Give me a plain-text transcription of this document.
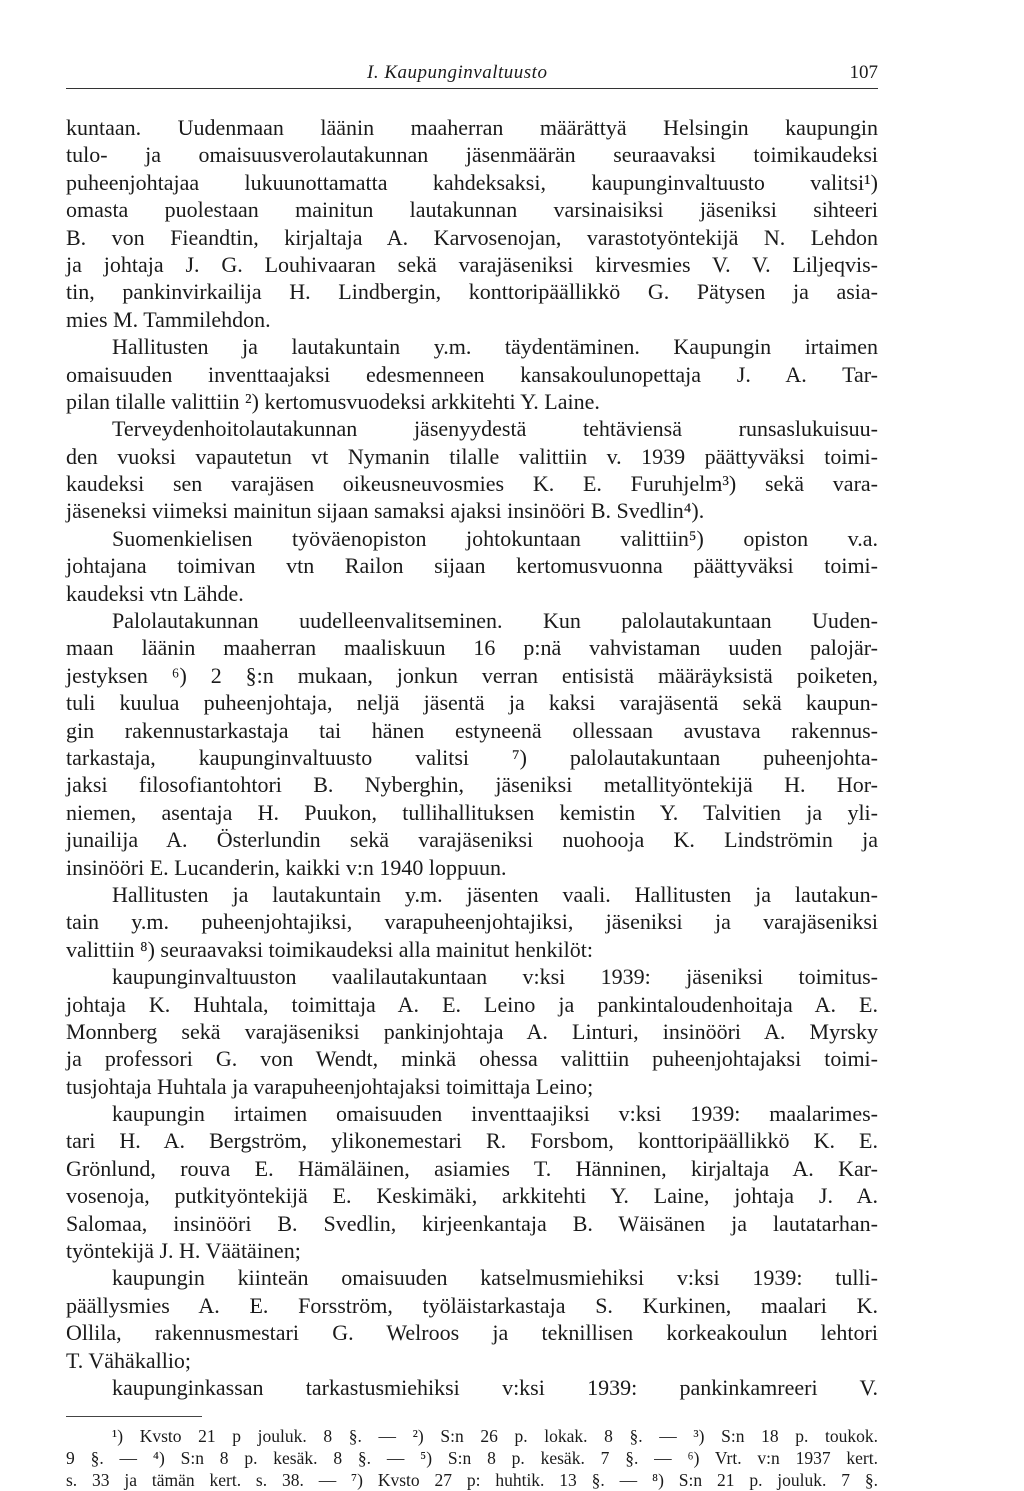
I. Kaupunginvaltuusto	107
kuntaan. Uudenmaan läänin maaherran määrättyä Helsingin kaupungin
tulo- ja omaisuusverolautakunnan jäsenmäärän seuraavaksi toimikaudeksi
puheenjohtajaa lukuunottamatta kahdeksaksi, kaupunginvaltuusto valitsi¹)
omasta puolestaan mainitun lautakunnan varsinaisiksi jäseniksi sihteeri
B. von Fieandtin, kirjaltaja A. Karvosenojan, varastotyöntekijä N. Lehdon
ja johtaja J. G. Louhivaaran sekä varajäseniksi kirvesmies V. V. Liljeqvis-
tin, pankinvirkailija H. Lindbergin, konttoripäällikkö G. Pätysen ja asia-
mies M. Tammilehdon.
Hallitusten ja lautakuntain y.m. täydentäminen. Kaupungin irtaimen
omaisuuden inventtaajaksi edesmenneen kansakoulunopettaja J. A. Tar-
pilan tilalle valittiin ²) kertomusvuodeksi arkkitehti Y. Laine.
Terveydenhoitolautakunnan jäsenyydestä tehtäviensä runsaslukuisuu-
den vuoksi vapautetun vt Nymanin tilalle valittiin v. 1939 päättyväksi toimi-
kaudeksi sen varajäsen oikeusneuvosmies K. E. Furuhjelm³) sekä vara-
jäseneksi viimeksi mainitun sijaan samaksi ajaksi insinööri B. Svedlin⁴).
Suomenkielisen työväenopiston johtokuntaan valittiin⁵) opiston v.a.
johtajana toimivan vtn Railon sijaan kertomusvuonna päättyväksi toimi-
kaudeksi vtn Lähde.
Palolautakunnan uudelleenvalitseminen. Kun palolautakuntaan Uuden-
maan läänin maaherran maaliskuun 16 p:nä vahvistaman uuden palojär-
jestyksen ⁶) 2 §:n mukaan, jonkun verran entisistä määräyksistä poiketen,
tuli kuulua puheenjohtaja, neljä jäsentä ja kaksi varajäsentä sekä kaupun-
gin rakennustarkastaja tai hänen estyneenä ollessaan avustava rakennus-
tarkastaja, kaupunginvaltuusto valitsi ⁷) palolautakuntaan puheenjohta-
jaksi filosofiantohtori B. Nyberghin, jäseniksi metallityöntekijä H. Hor-
niemen, asentaja H. Puukon, tullihallituksen kemistin Y. Talvitien ja yli-
junailija A. Österlundin sekä varajäseniksi nuohooja K. Lindströmin ja
insinööri E. Lucanderin, kaikki v:n 1940 loppuun.
Hallitusten ja lautakuntain y.m. jäsenten vaali. Hallitusten ja lautakun-
tain y.m. puheenjohtajiksi, varapuheenjohtajiksi, jäseniksi ja varajäseniksi
valittiin ⁸) seuraavaksi toimikaudeksi alla mainitut henkilöt:
kaupunginvaltuuston vaalilautakuntaan v:ksi 1939: jäseniksi toimitus-
johtaja K. Huhtala, toimittaja A. E. Leino ja pankintaloudenhoitaja A. E.
Monnberg sekä varajäseniksi pankinjohtaja A. Linturi, insinööri A. Myrsky
ja professori G. von Wendt, minkä ohessa valittiin puheenjohtajaksi toimi-
tusjohtaja Huhtala ja varapuheenjohtajaksi toimittaja Leino;
kaupungin irtaimen omaisuuden inventtaajiksi v:ksi 1939: maalarimes-
tari H. A. Bergström, ylikonemestari R. Forsbom, konttoripäällikkö K. E.
Grönlund, rouva E. Hämäläinen, asiamies T. Hänninen, kirjaltaja A. Kar-
vosenoja, putkityöntekijä E. Keskimäki, arkkitehti Y. Laine, johtaja J. A.
Salomaa, insinööri B. Svedlin, kirjeenkantaja B. Wäisänen ja lautatarhan-
työntekijä J. H. Väätäinen;
kaupungin kiinteän omaisuuden katselmusmiehiksi v:ksi 1939: tulli-
päällysmies A. E. Forsström, työläistarkastaja S. Kurkinen, maalari K.
Ollila, rakennusmestari G. Welroos ja teknillisen korkeakoulun lehtori
T. Vähäkallio;
kaupunginkassan tarkastusmiehiksi v:ksi 1939: pankinkamreeri V.
¹) Kvsto 21 p jouluk. 8 §. — ²) S:n 26 p. lokak. 8 §. — ³) S:n 18 p. toukok.
9 §. — ⁴) S:n 8 p. kesäk. 8 §. — ⁵) S:n 8 p. kesäk. 7 §. — ⁶) Vrt. v:n 1937 kert.
s. 33 ja tämän kert. s. 38. — ⁷) Kvsto 27 p: huhtik. 13 §. — ⁸) S:n 21 p. jouluk. 7 §.
